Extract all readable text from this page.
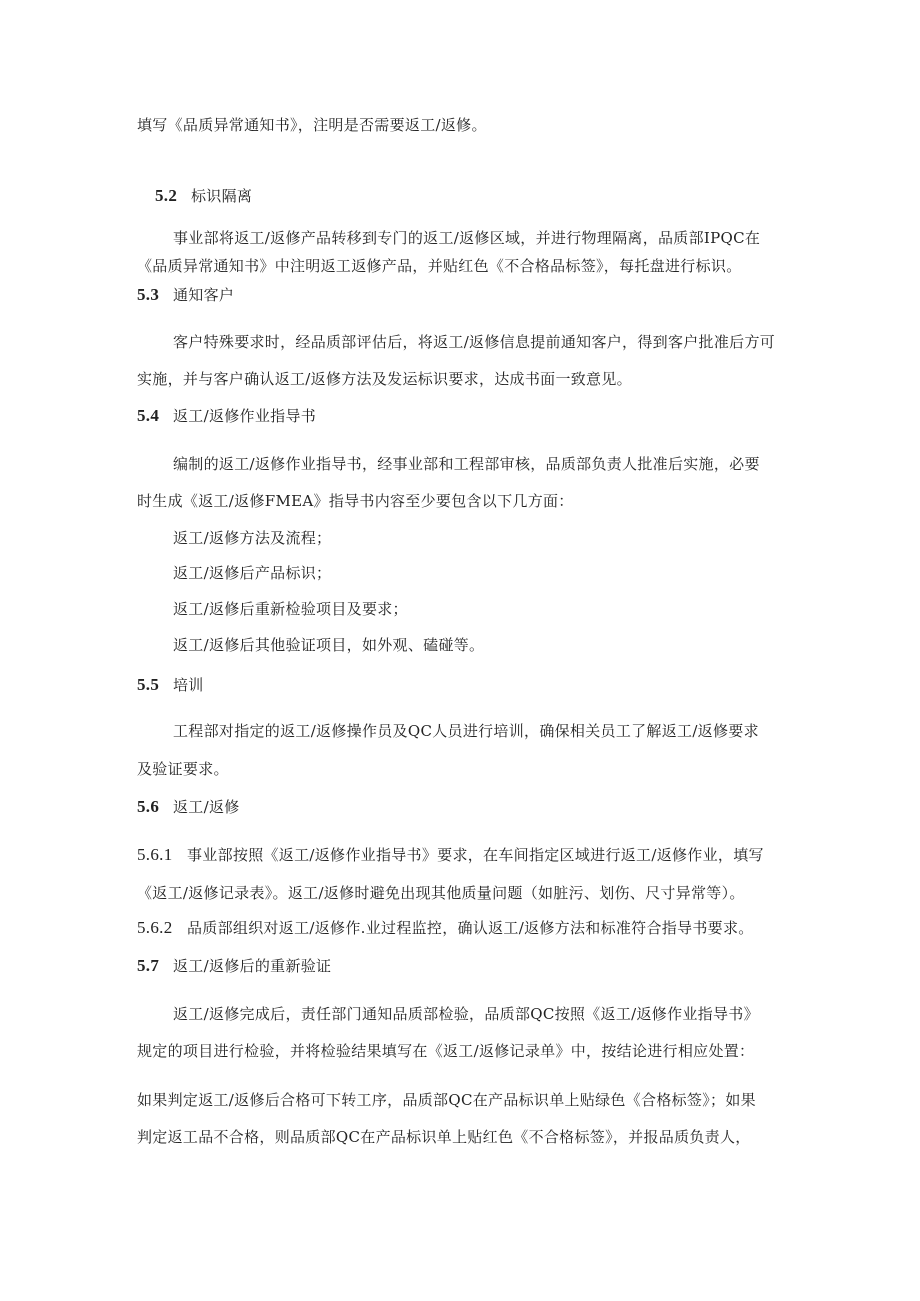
填写《品质异常通知书》，注明是否需要返工/返修。
5.2 标识隔离
事业部将返工/返修产品转移到专门的返工/返修区域，并进行物理隔离，品质部IPQC在
《品质异常通知书》中注明返工返修产品，并贴红色《不合格品标签》，每托盘进行标识。
5.3 通知客户
客户特殊要求时，经品质部评估后，将返工/返修信息提前通知客户，得到客户批准后方可
实施，并与客户确认返工/返修方法及发运标识要求，达成书面一致意见。
5.4 返工/返修作业指导书
编制的返工/返修作业指导书，经事业部和工程部审核，品质部负责人批准后实施，必要
时生成《返工/返修FMEA》指导书内容至少要包含以下几方面：
返工/返修方法及流程；
返工/返修后产品标识；
返工/返修后重新检验项目及要求；
返工/返修后其他验证项目，如外观、磕碰等。
5.5 培训
工程部对指定的返工/返修操作员及QC人员进行培训，确保相关员工了解返工/返修要求
及验证要求。
5.6 返工/返修
5.6.1 事业部按照《返工/返修作业指导书》要求，在车间指定区域进行返工/返修作业，填写
《返工/返修记录表》。返工/返修时避免出现其他质量问题（如脏污、划伤、尺寸异常等）。
5.6.2 品质部组织对返工/返修作.业过程监控，确认返工/返修方法和标准符合指导书要求。
5.7 返工/返修后的重新验证
返工/返修完成后，责任部门通知品质部检验，品质部QC按照《返工/返修作业指导书》
规定的项目进行检验，并将检验结果填写在《返工/返修记录单》中，按结论进行相应处置：
如果判定返工/返修后合格可下转工序，品质部QC在产品标识单上贴绿色《合格标签》；如果
判定返工品不合格，则品质部QC在产品标识单上贴红色《不合格标签》，并报品质负责人，
